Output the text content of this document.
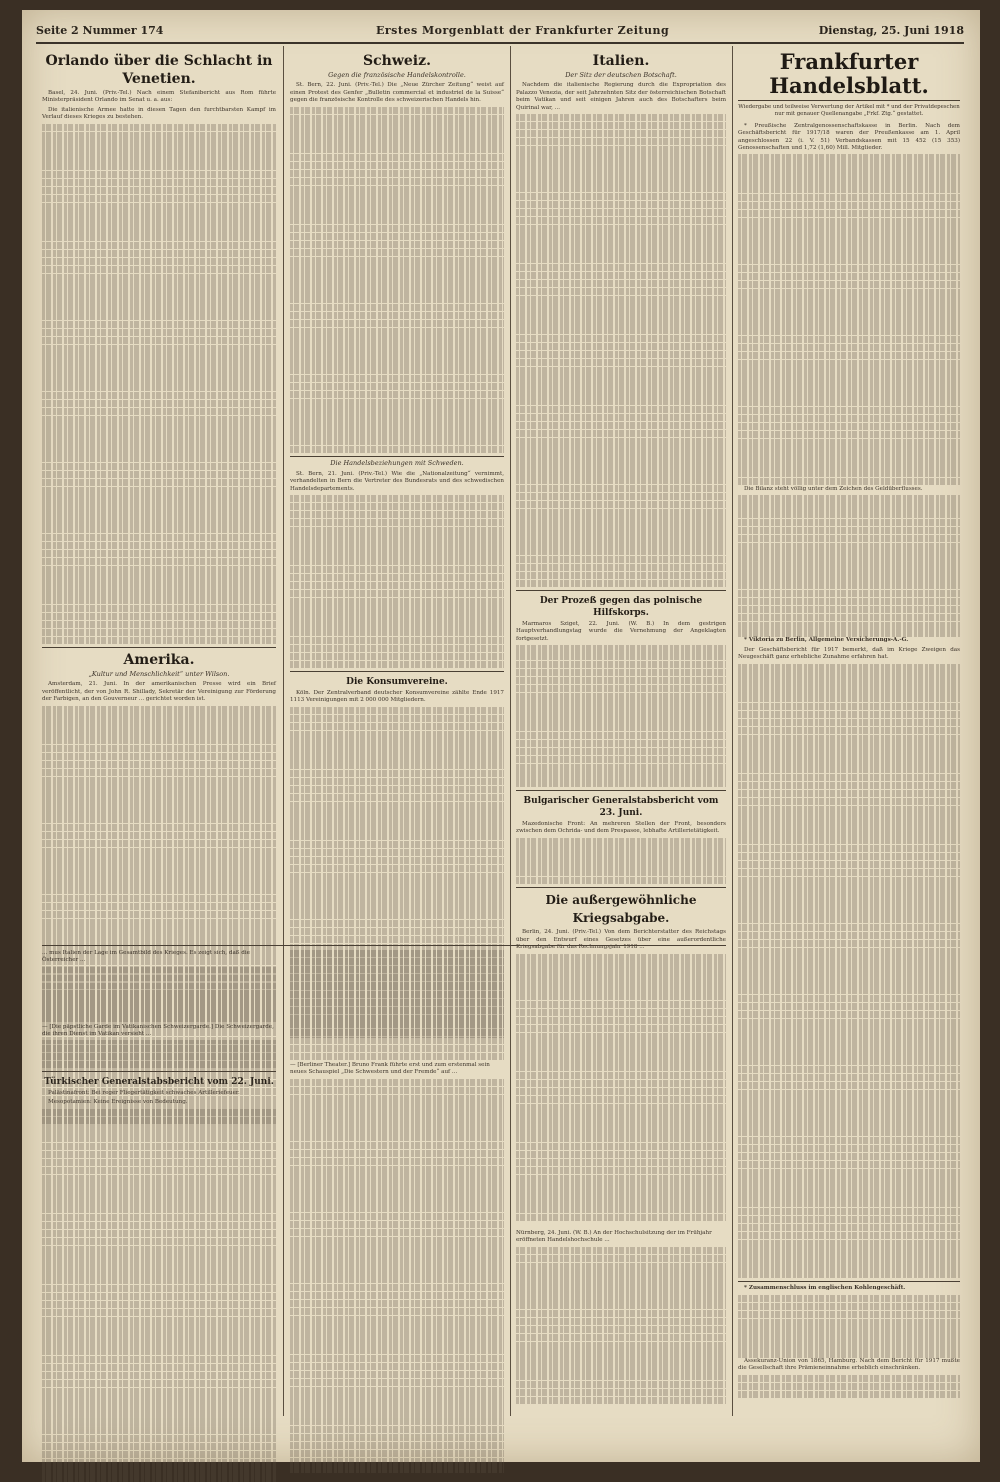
Seite 2 Nummer 174	Erstes Morgenblatt der Frankfurter Zeitung	Dienstag, 25. Juni 1918
Orlando über die Schlacht in Venetien.

Basel, 24. Juni. (Priv.-Tel.) Nach einem Stefanibericht aus Rom führte Ministerpräsident Orlando im Senat u. a. aus:

Die italienische Armee hatte in diesen Tagen den furchtbarsten Kampf im Verlauf dieses Krieges zu bestehen.

Amerika.
„Kultur und Menschlichkeit“ unter Wilson.

Amsterdam, 21. Juni. In der amerikanischen Presse wird ein Brief veröffentlicht, der von John R. Shillady, Sekretär der Vereinigung zur Förderung der Farbigen, an den Gouverneur ... gerichtet worden ist.

Türkischer Generalstabsbericht vom 22. Juni.

Palästinafront: Bei reger Fliegertätigkeit schwaches Artilleriefeuer.

Mesopotamien: Keine Ereignisse von Bedeutung.

Schweiz.
Gegen die französische Handelskontrolle.

St. Bern, 22. Juni. (Priv.-Tel.) Die „Neue Zürcher Zeitung“ weist auf einen Protest des Genfer „Bulletin commercial et industriel de la Suisse“ gegen die französische Kontrolle des schweizerischen Handels hin.

Die Handelsbeziehungen mit Schweden.

St. Bern, 21. Juni. (Priv.-Tel.) Wie die „Nationalzeitung“ vernimmt, verhandelten in Bern die Vertreter des Bundesrats und des schwedischen Handelsdepartements.

Die Konsumvereine.

Köln. Der Zentralverband deutscher Konsumvereine zählte Ende 1917 1113 Vereinigungen mit 2 000 000 Mitgliedern.

Italien.
Der Sitz der deutschen Botschaft.

Nachdem die italienische Regierung durch die Expropriation des Palazzo Venezia, der seit Jahrzehnten Sitz der österreichischen Botschaft beim Vatikan und seit einigen Jahren auch des Botschafters beim Quirinal war, ...

Der Prozeß gegen das polnische Hilfskorps.

Marmaros Sziget, 22. Juni. (W. B.) In dem gestrigen Hauptverhandlungstag wurde die Vernehmung der Angeklagten fortgesetzt.

Bulgarischer Generalstabsbericht vom 23. Juni.

Mazedonische Front: An mehreren Stellen der Front, besonders zwischen dem Ochrida- und dem Prespasee, lebhafte Artillerietätigkeit.

Die außergewöhnliche Kriegsabgabe.

Berlin, 24. Juni. (Priv.-Tel.) Von dem Berichterstatter des Reichstags über den Entwurf eines Gesetzes über eine außerordentliche Kriegsabgabe für das Rechnungsjahr 1918 ...

Frankfurter Handelsblatt.
Wiedergabe und teilweise Verwertung der Artikel mit * und der Privatdepeschen nur mit genauer Quellenangabe „Frkf. Ztg.“ gestattet.

* Preußische Zentralgenossenschaftskasse in Berlin. Nach dem Geschäftsbericht für 1917/18 waren der Preußenkasse am 1. April angeschlossen 22 (i. V. 51) Verbandskassen mit 15 452 (15 353) Genossenschaften und 1,72 (1,60) Mill. Mitglieder.

Die Bilanz steht völlig unter dem Zeichen des Geldüberflusses.

* Viktoria zu Berlin, Allgemeine Versicherungs-A.-G.

Der Geschäftsbericht für 1917 bemerkt, daß im Kriege Zweigen das Neugeschäft ganz erhebliche Zunahme erfahren hat.

* Zusammenschluss im englischen Kohlengeschäft.

Assekuranz-Union von 1865, Hamburg. Nach dem Bericht für 1917 mußte die Gesellschaft ihre Prämieneinnahme erheblich einschränken.

... mus Italien der Lage im Gesamtbild des Krieges. Es zeigt sich, daß die Österreicher ...

— [Die päpstliche Garde im Vatikanischen Schweizergarde.] Die Schweizergarde, die ihren Dienst im Vatikan versieht ...

— [Berliner Theater.] Bruno Frank führte erst und zum erstenmal sein neues Schauspiel „Die Schwestern und der Fremde“ auf ...

Nürnberg, 24. Juni. (W. B.) An der Hochschulsitzung der im Frühjahr eröffneten Handelshochschule ...
